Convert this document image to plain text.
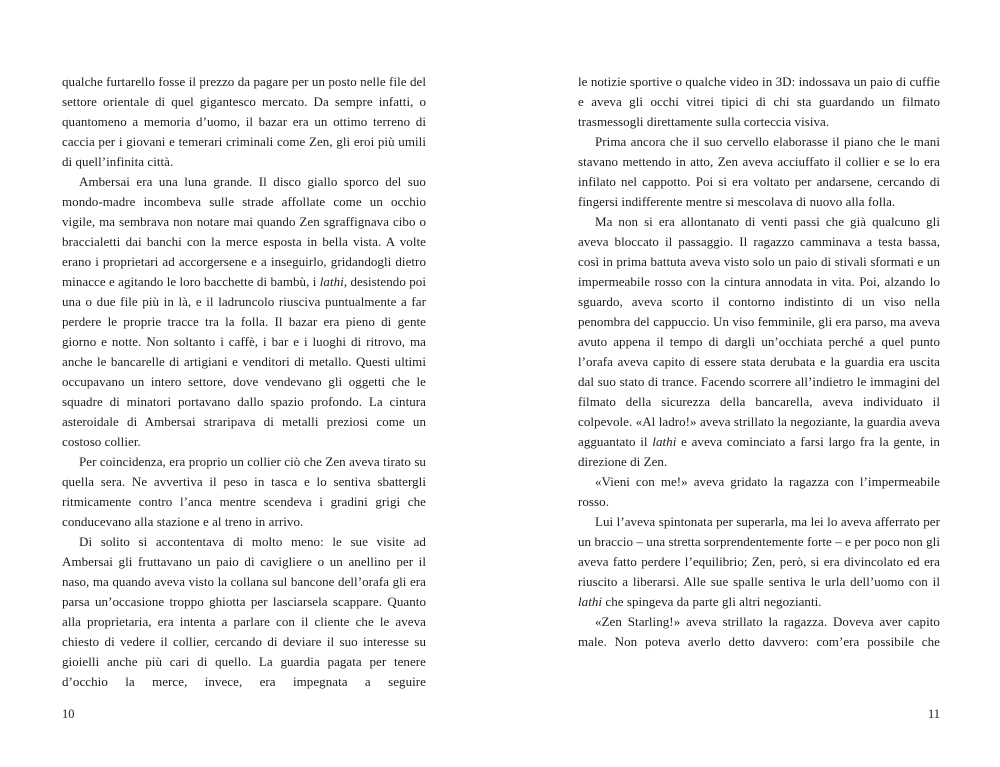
qualche furtarello fosse il prezzo da pagare per un posto nelle file del settore orientale di quel gigantesco mercato. Da sempre infatti, o quantomeno a memoria d’uomo, il bazar era un ottimo terreno di caccia per i giovani e temerari criminali come Zen, gli eroi più umili di quell’infinita città.

Ambersai era una luna grande. Il disco giallo sporco del suo mondo-madre incombeva sulle strade affollate come un occhio vigile, ma sembrava non notare mai quando Zen sgraffignava cibo o braccialetti dai banchi con la merce esposta in bella vista. A volte erano i proprietari ad accorgersene e a inseguirlo, gridandogli dietro minacce e agitando le loro bacchette di bambù, i lathi, desistendo poi una o due file più in là, e il ladruncolo riusciva puntualmente a far perdere le proprie tracce tra la folla. Il bazar era pieno di gente giorno e notte. Non soltanto i caffè, i bar e i luoghi di ritrovo, ma anche le bancarelle di artigiani e venditori di metallo. Questi ultimi occupavano un intero settore, dove vendevano gli oggetti che le squadre di minatori portavano dallo spazio profondo. La cintura asteroidale di Ambersai straripava di metalli preziosi come un costoso collier.

Per coincidenza, era proprio un collier ciò che Zen aveva tirato su quella sera. Ne avvertiva il peso in tasca e lo sentiva sbattergli ritmicamente contro l’anca mentre scendeva i gradini grigi che conducevano alla stazione e al treno in arrivo.

Di solito si accontentava di molto meno: le sue visite ad Ambersai gli fruttavano un paio di cavigliere o un anellino per il naso, ma quando aveva visto la collana sul bancone dell’orafa gli era parsa un’occasione troppo ghiotta per lasciarsela scappare. Quanto alla proprietaria, era intenta a parlare con il cliente che le aveva chiesto di vedere il collier, cercando di deviare il suo interesse su gioielli anche più cari di quello. La guardia pagata per tenere d’occhio la merce, invece, era impegnata a seguire

10

le notizie sportive o qualche video in 3D: indossava un paio di cuffie e aveva gli occhi vitrei tipici di chi sta guardando un filmato trasmessogli direttamente sulla corteccia visiva.

Prima ancora che il suo cervello elaborasse il piano che le mani stavano mettendo in atto, Zen aveva acciuffato il collier e se lo era infilato nel cappotto. Poi si era voltato per andarsene, cercando di fingersi indifferente mentre si mescolava di nuovo alla folla.

Ma non si era allontanato di venti passi che già qualcuno gli aveva bloccato il passaggio. Il ragazzo camminava a testa bassa, così in prima battuta aveva visto solo un paio di stivali sformati e un impermeabile rosso con la cintura annodata in vita. Poi, alzando lo sguardo, aveva scorto il contorno indistinto di un viso nella penombra del cappuccio. Un viso femminile, gli era parso, ma aveva avuto appena il tempo di dargli un’occhiata perché a quel punto l’orafa aveva capito di essere stata derubata e la guardia era uscita dal suo stato di trance. Facendo scorrere all’indietro le immagini del filmato della sicurezza della bancarella, aveva individuato il colpevole. «Al ladro!» aveva strillato la negoziante, la guardia aveva agguantato il lathi e aveva cominciato a farsi largo fra la gente, in direzione di Zen.

«Vieni con me!» aveva gridato la ragazza con l’impermeabile rosso.

Lui l’aveva spintonata per superarla, ma lei lo aveva afferrato per un braccio – una stretta sorprendentemente forte – e per poco non gli aveva fatto perdere l’equilibrio; Zen, però, si era divincolato ed era riuscito a liberarsi. Alle sue spalle sentiva le urla dell’uomo con il lathi che spingeva da parte gli altri negozianti.

«Zen Starling!» aveva strillato la ragazza. Doveva aver capito male. Non poteva averlo detto davvero: com’era possibile che

11
